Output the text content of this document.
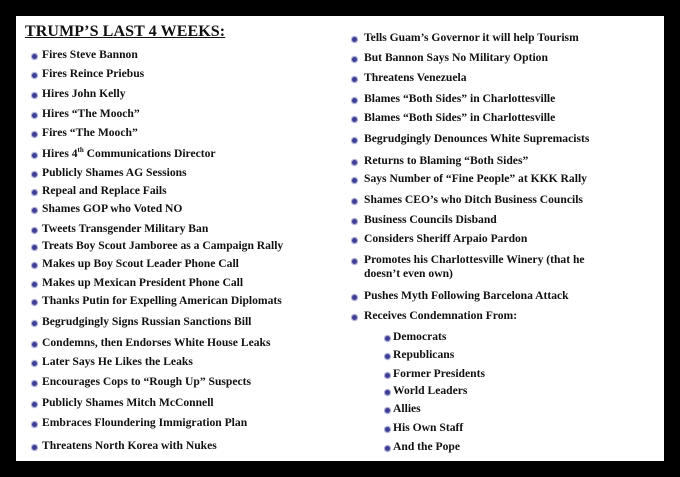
TRUMP’S LAST 4 WEEKS:
Fires Steve Bannon
Fires Reince Priebus
Hires John Kelly
Hires “The Mooch”
Fires “The Mooch”
Hires 4th Communications Director
Publicly Shames AG Sessions
Repeal and Replace Fails
Shames GOP who Voted NO
Tweets Transgender Military Ban
Treats Boy Scout Jamboree as a Campaign Rally
Makes up Boy Scout Leader Phone Call
Makes up Mexican President Phone Call
Thanks Putin for Expelling American Diplomats
Begrudgingly Signs Russian Sanctions Bill
Condemns, then Endorses White House Leaks
Later Says He Likes the Leaks
Encourages Cops to “Rough Up” Suspects
Publicly Shames Mitch McConnell
Embraces Floundering Immigration Plan
Threatens North Korea with Nukes
Tells Guam’s Governor it will help Tourism
But Bannon Says No Military Option
Threatens Venezuela
Blames “Both Sides” in Charlottesville
Blames “Both Sides” in Charlottesville
Begrudgingly Denounces White Supremacists
Returns to Blaming “Both Sides”
Says Number of “Fine People” at KKK Rally
Shames CEO’s who Ditch Business Councils
Business Councils Disband
Considers Sheriff Arpaio Pardon
Promotes his Charlottesville Winery (that he doesn’t even own)
Pushes Myth Following Barcelona Attack
Receives Condemnation From:
Democrats
Republicans
Former Presidents
World Leaders
Allies
His Own Staff
And the Pope
